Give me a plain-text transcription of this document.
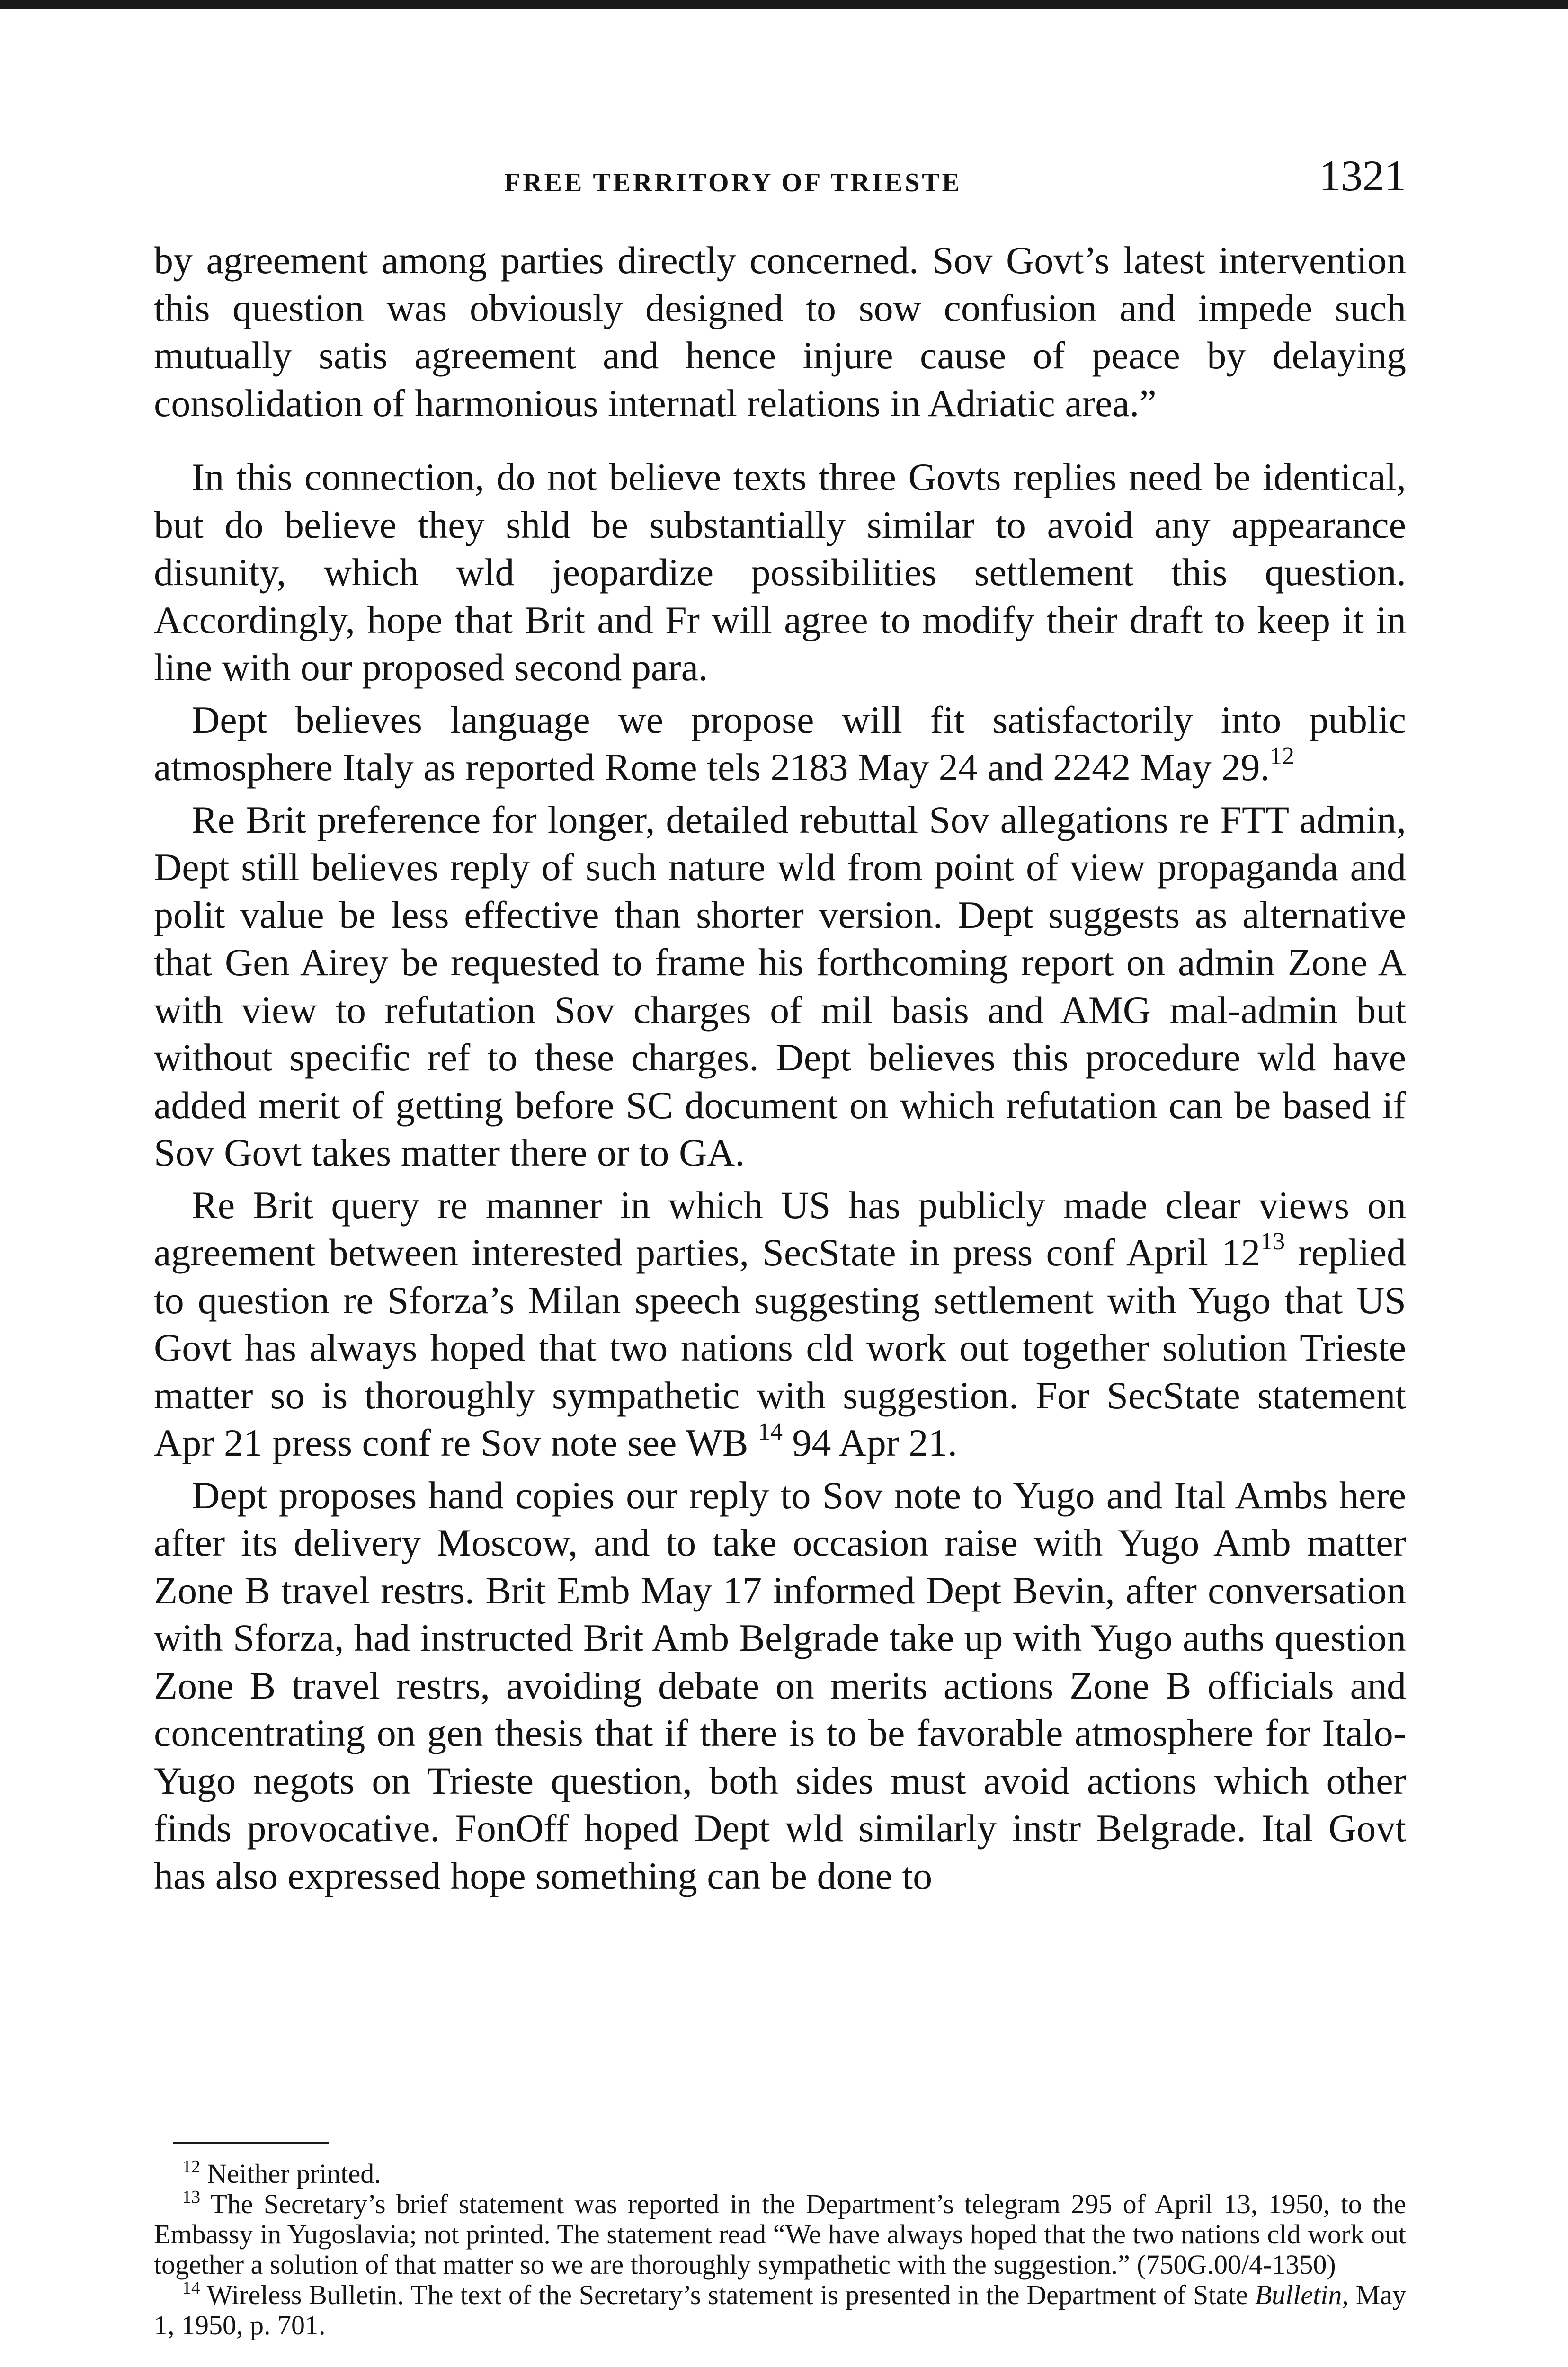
FREE TERRITORY OF TRIESTE	1321

by agreement among parties directly concerned. Sov Govt’s latest intervention this question was obviously designed to sow confusion and impede such mutually satis agreement and hence injure cause of peace by delaying consolidation of harmonious internatl relations in Adriatic area.”

In this connection, do not believe texts three Govts replies need be identical, but do believe they shld be substantially similar to avoid any appearance disunity, which wld jeopardize possibilities settlement this question. Accordingly, hope that Brit and Fr will agree to modify their draft to keep it in line with our proposed second para.

Dept believes language we propose will fit satisfactorily into public atmosphere Italy as reported Rome tels 2183 May 24 and 2242 May 29.12

Re Brit preference for longer, detailed rebuttal Sov allegations re FTT admin, Dept still believes reply of such nature wld from point of view propaganda and polit value be less effective than shorter version. Dept suggests as alternative that Gen Airey be requested to frame his forthcoming report on admin Zone A with view to refutation Sov charges of mil basis and AMG mal-admin but without specific ref to these charges. Dept believes this procedure wld have added merit of getting before SC document on which refutation can be based if Sov Govt takes matter there or to GA.

Re Brit query re manner in which US has publicly made clear views on agreement between interested parties, SecState in press conf April $12^{13}$ replied to question re Sforza’s Milan speech suggesting settlement with Yugo that US Govt has always hoped that two nations cld work out together solution Trieste matter so is thoroughly sympathetic with suggestion. For SecState statement Apr 21 press conf re Sov note see WB $^{14}$ 94 Apr 21.

Dept proposes hand copies our reply to Sov note to Yugo and Ital Ambs here after its delivery Moscow, and to take occasion raise with Yugo Amb matter Zone B travel restrs. Brit Emb May 17 informed Dept Bevin, after conversation with Sforza, had instructed Brit Amb Belgrade take up with Yugo auths question Zone B travel restrs, avoiding debate on merits actions Zone B officials and concentrating on gen thesis that if there is to be favorable atmosphere for Italo-Yugo negots on Trieste question, both sides must avoid actions which other finds provocative. FonOff hoped Dept wld similarly instr Belgrade. Ital Govt has also expressed hope something can be done to

$^{12}$ Neither printed.

$^{13}$ The Secretary’s brief statement was reported in the Department’s telegram 295 of April 13, 1950, to the Embassy in Yugoslavia; not printed. The statement read “We have always hoped that the two nations cld work out together a solution of that matter so we are thoroughly sympathetic with the suggestion.” (750G.00/4-1350)

$^{14}$ Wireless Bulletin. The text of the Secretary’s statement is presented in the Department of State Bulletin, May 1, 1950, p. 701.
